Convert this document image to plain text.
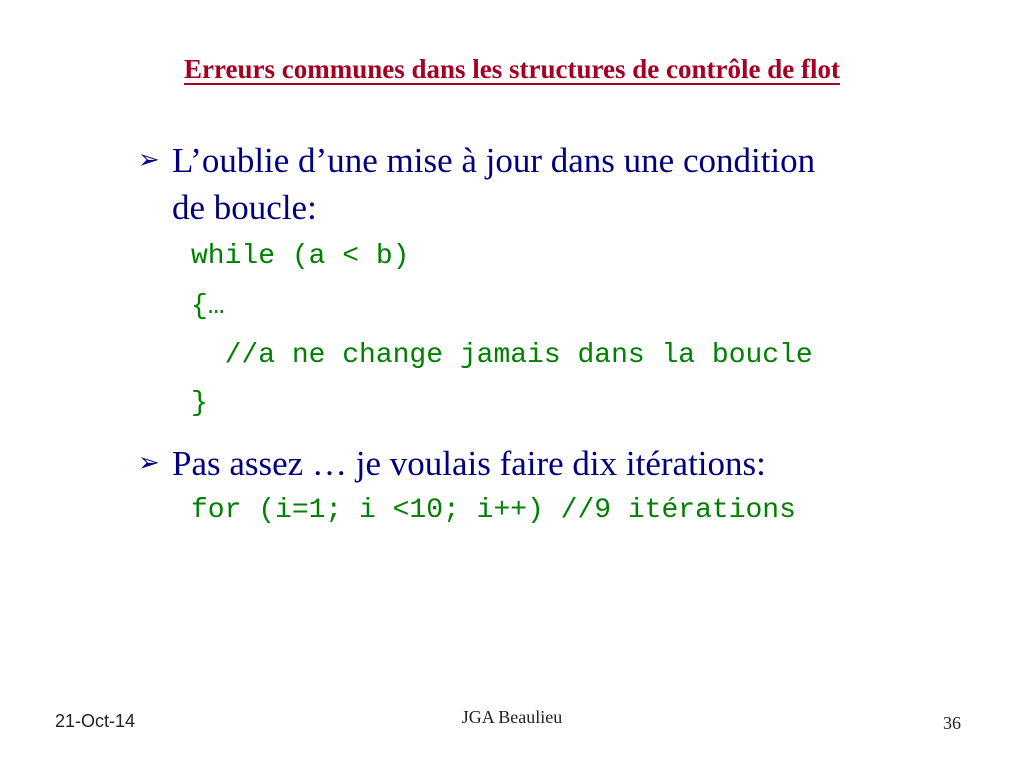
Erreurs communes dans les structures de contrôle de flot
➢ L’oublie d’une mise à jour dans une condition
de boucle:
while (a < b)
{…
//a ne change jamais dans la boucle
}
➢ Pas assez … je voulais faire dix itérations:
for (i=1; i <10; i++) //9 itérations
21-Oct-14	JGA Beaulieu	36
